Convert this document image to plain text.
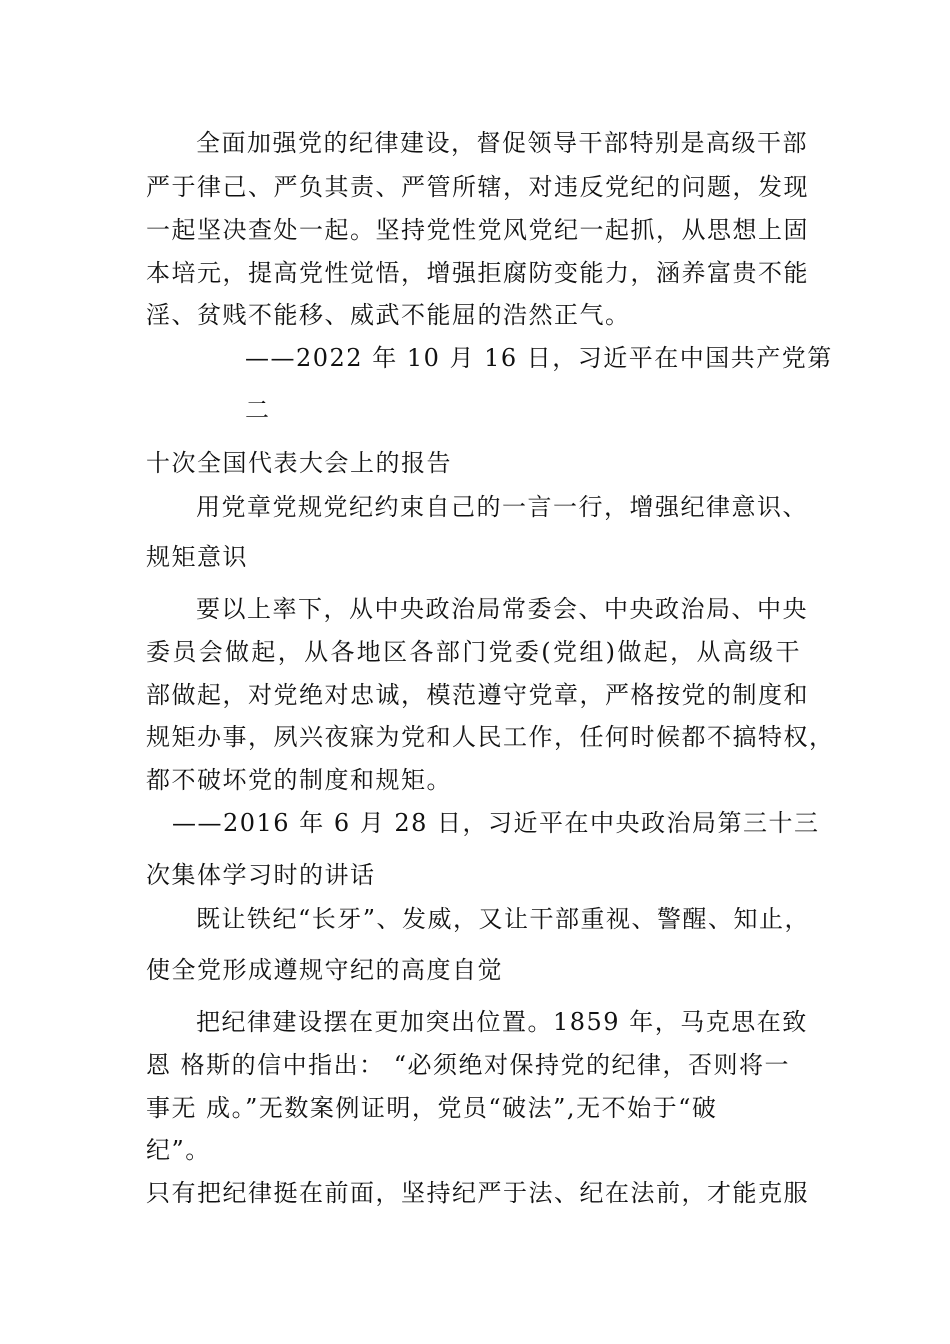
全面加强党的纪律建设，督促领导干部特别是高级干部
严于律己、严负其责、严管所辖，对违反党纪的问题，发现
一起坚决查处一起。坚持党性党风党纪一起抓，从思想上固
本培元，提高党性觉悟，增强拒腐防变能力，涵养富贵不能
淫、贫贱不能移、威武不能屈的浩然正气。
——2022 年 10 月 16 日，习近平在中国共产党第
二
十次全国代表大会上的报告
用党章党规党纪约束自己的一言一行，增强纪律意识、
规矩意识
要以上率下，从中央政治局常委会、中央政治局、中央
委员会做起，从各地区各部门党委(党组)做起，从高级干
部做起，对党绝对忠诚，模范遵守党章，严格按党的制度和
规矩办事，夙兴夜寐为党和人民工作，任何时候都不搞特权，
都不破坏党的制度和规矩。
——2016 年 6 月 28 日，习近平在中央政治局第三十三
次集体学习时的讲话
既让铁纪“长牙”、发威，又让干部重视、警醒、知止，
使全党形成遵规守纪的高度自觉
把纪律建设摆在更加突出位置。1859 年，马克思在致
恩 格斯的信中指出： “必须绝对保持党的纪律，否则将一
事无 成。”无数案例证明，党员“破法”,无不始于“破
纪”。
只有把纪律挺在前面，坚持纪严于法、纪在法前，才能克服
